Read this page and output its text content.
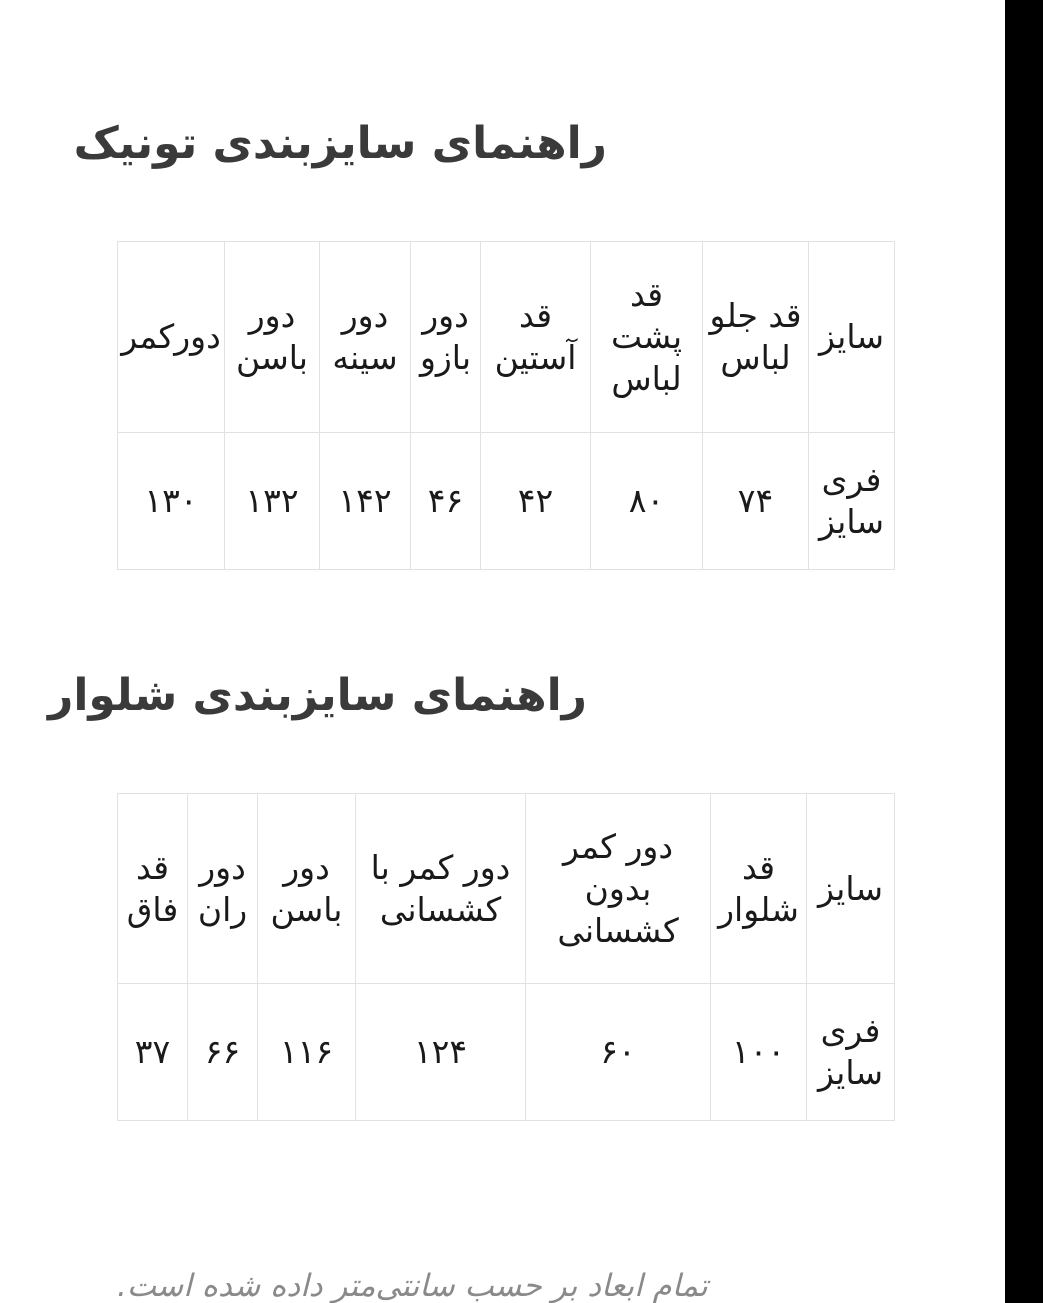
راهنمای سایزبندی تونیک
سایز	قد جلو لباس	قد پشت لباس	قد آستین	دور بازو	دور سینه	دور باسن	دورکمر
فری سایز	۷۴	۸۰	۴۲	۴۶	۱۴۲	۱۳۲	۱۳۰
راهنمای سایزبندی شلوار
سایز	قد شلوار	دور کمر بدون کشسانی	دور کمر با کشسانی	دور باسن	دور ران	قد فاق
فری سایز	۱۰۰	۶۰	۱۲۴	۱۱۶	۶۶	۳۷
تمام ابعاد بر حسب سانتی‌متر داده شده است.
